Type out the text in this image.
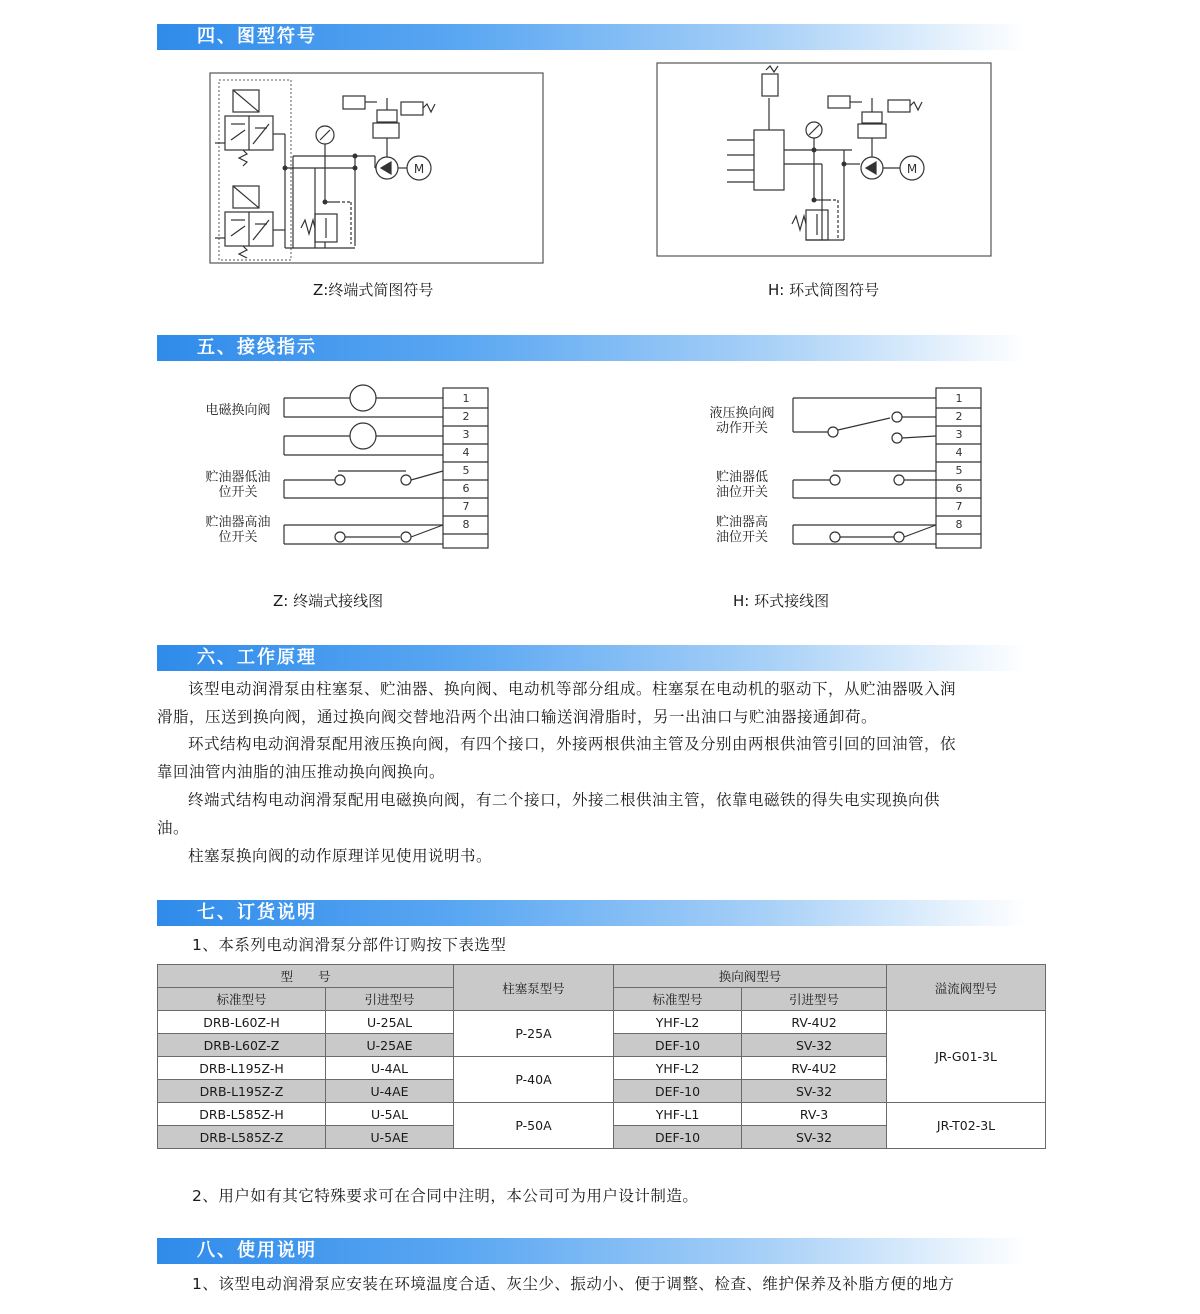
四、图型符号
M	M
Z:终端式简图符号	H: 环式简图符号
五、接线指示
1
2
3
4
5
6
7
8
电磁换向阀
贮油器低油
位开关
贮油器高油
位开关
1
2
3
4
5
6
7
8
液压换向阀
动作开关
贮油器低
油位开关
贮油器高
油位开关
Z: 终端式接线图	H: 环式接线图
六、工作原理
该型电动润滑泵由柱塞泵、贮油器、换向阀、电动机等部分组成。柱塞泵在电动机的驱动下，从贮油器吸入润
滑脂，压送到换向阀，通过换向阀交替地沿两个出油口输送润滑脂时，另一出油口与贮油器接通卸荷。
环式结构电动润滑泵配用液压换向阀，有四个接口，外接两根供油主管及分别由两根供油管引回的回油管，依
靠回油管内油脂的油压推动换向阀换向。
终端式结构电动润滑泵配用电磁换向阀，有二个接口，外接二根供油主管，依靠电磁铁的得失电实现换向供
油。
柱塞泵换向阀的动作原理详见使用说明书。
七、订货说明
1、本系列电动润滑泵分部件订购按下表选型
型　　号		柱塞泵型号	换向阀型号		溢流阀型号
标准型号	引进型号		标准型号	引进型号	
DRB-L60Z-H	U-25AL	P-25A	YHF-L2	RV-4U2	JR-G01-3L
DRB-L60Z-Z	U-25AE		DEF-10	SV-32	
DRB-L195Z-H	U-4AL	P-40A	YHF-L2	RV-4U2	
DRB-L195Z-Z	U-4AE		DEF-10	SV-32	
DRB-L585Z-H	U-5AL	P-50A	YHF-L1	RV-3	JR-T02-3L
DRB-L585Z-Z	U-5AE		DEF-10	SV-32	
2、用户如有其它特殊要求可在合同中注明，本公司可为用户设计制造。
八、使用说明
1、该型电动润滑泵应安装在环境温度合适、灰尘少、振动小、便于调整、检查、维护保养及补脂方便的地方
